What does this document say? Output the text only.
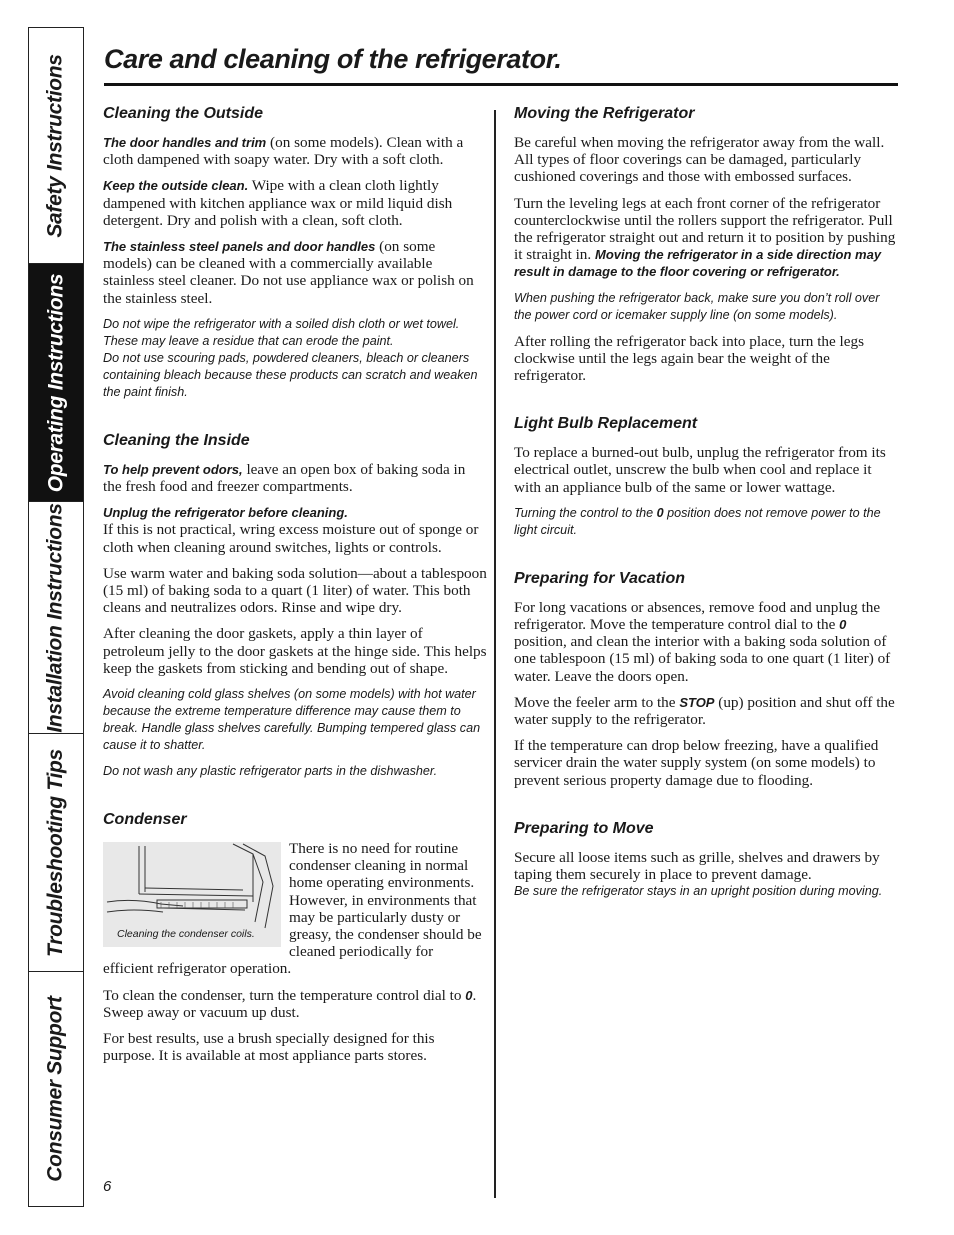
Safety Instructions
Operating Instructions
Installation Instructions
Troubleshooting Tips
Consumer Support
Care and cleaning of the refrigerator.
Cleaning the Outside

The door handles and trim (on some models). Clean with a cloth dampened with soapy water. Dry with a soft cloth.

Keep the outside clean. Wipe with a clean cloth lightly dampened with kitchen appliance wax or mild liquid dish detergent. Dry and polish with a clean, soft cloth.

The stainless steel panels and door handles (on some models) can be cleaned with a commercially available stainless steel cleaner. Do not use appliance wax or polish on the stainless steel.

Do not wipe the refrigerator with a soiled dish cloth or wet towel. These may leave a residue that can erode the paint.
Do not use scouring pads, powdered cleaners, bleach or cleaners containing bleach because these products can scratch and weaken the paint finish.
Cleaning the Inside

To help prevent odors, leave an open box of baking soda in the fresh food and freezer compartments.

Unplug the refrigerator before cleaning.
If this is not practical, wring excess moisture out of sponge or cloth when cleaning around switches, lights or controls.

Use warm water and baking soda solution—about a tablespoon (15 ml) of baking soda to a quart (1 liter) of water. This both cleans and neutralizes odors. Rinse and wipe dry.

After cleaning the door gaskets, apply a thin layer of petroleum jelly to the door gaskets at the hinge side. This helps keep the gaskets from sticking and bending out of shape.

Avoid cleaning cold glass shelves (on some models) with hot water because the extreme temperature difference may cause them to break. Handle glass shelves carefully. Bumping tempered glass can cause it to shatter.
Do not wash any plastic refrigerator parts in the dishwasher.
Condenser
Cleaning the condenser coils.

There is no need for routine condenser cleaning in normal home operating environments. However, in environments that may be particularly dusty or greasy, the condenser should be cleaned periodically for efficient refrigerator operation.

To clean the condenser, turn the temperature control dial to 0. Sweep away or vacuum up dust.

For best results, use a brush specially designed for this purpose. It is available at most appliance parts stores.

Moving the Refrigerator

Be careful when moving the refrigerator away from the wall. All types of floor coverings can be damaged, particularly cushioned coverings and those with embossed surfaces.

Turn the leveling legs at each front corner of the refrigerator counterclockwise until the rollers support the refrigerator. Pull the refrigerator straight out and return it to position by pushing it straight in. Moving the refrigerator in a side direction may result in damage to the floor covering or refrigerator.

When pushing the refrigerator back, make sure you don’t roll over the power cord or icemaker supply line (on some models).

After rolling the refrigerator back into place, turn the legs clockwise until the legs again bear the weight of the refrigerator.

Light Bulb Replacement

To replace a burned-out bulb, unplug the refrigerator from its electrical outlet, unscrew the bulb when cool and replace it with an appliance bulb of the same or lower wattage.

Turning the control to the 0 position does not remove power to the light circuit.
Preparing for Vacation

For long vacations or absences, remove food and unplug the refrigerator. Move the temperature control dial to the 0 position, and clean the interior with a baking soda solution of one tablespoon (15 ml) of baking soda to one quart (1 liter) of water. Leave the doors open.

Move the feeler arm to the STOP (up) position and shut off the water supply to the refrigerator.

If the temperature can drop below freezing, have a qualified servicer drain the water supply system (on some models) to prevent serious property damage due to flooding.

Preparing to Move

Secure all loose items such as grille, shelves and drawers by taping them securely in place to prevent damage.

Be sure the refrigerator stays in an upright position during moving.
6
